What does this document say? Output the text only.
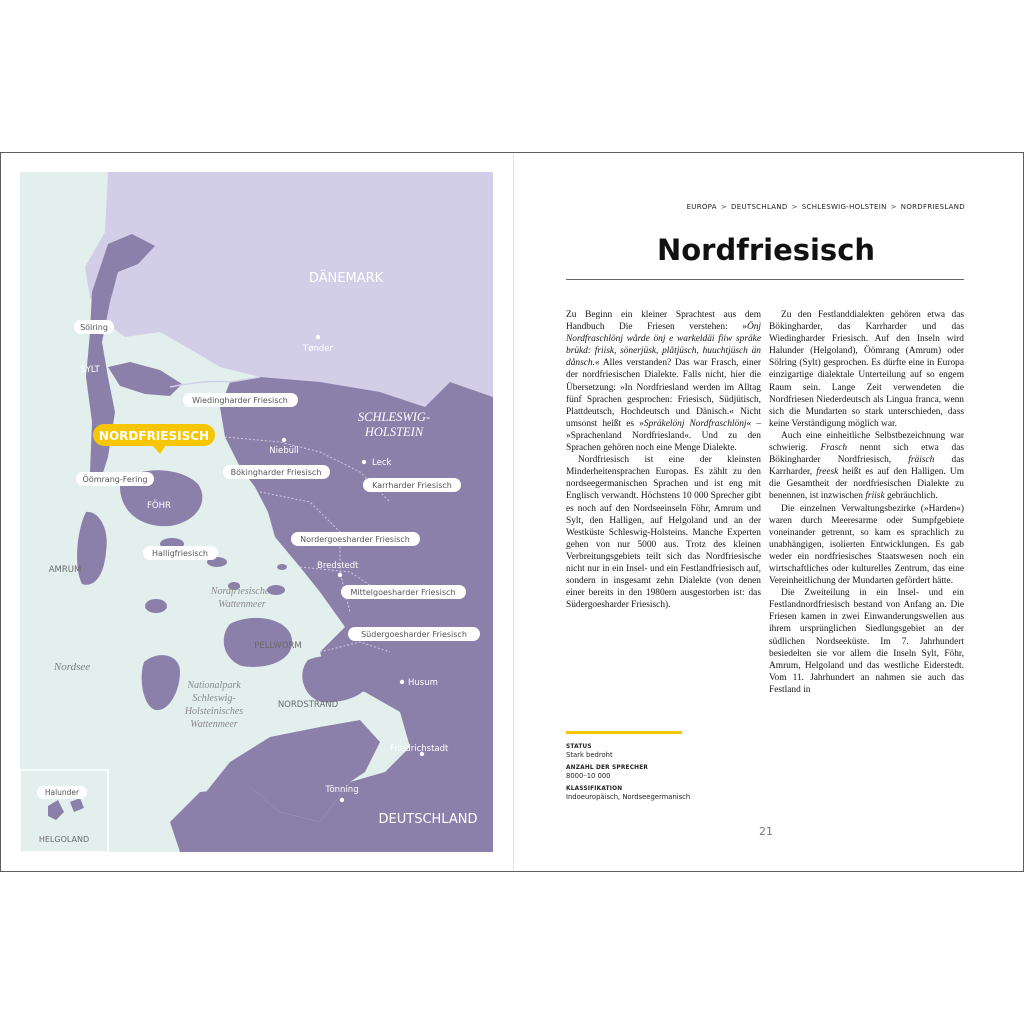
DÄNEMARK
DEUTSCHLAND
SCHLESWIG-
HOLSTEIN
SYLT
FÖHR
AMRUM
PELLWORM
NORDSTRAND
HELGOLAND
Nordsee
Nordfriesisches
Wattenmeer
Nationalpark
Schleswig-
Holsteinisches
Wattenmeer
Tønder
Niebüll
Leck
Bredstedt
Husum
Friedrichstadt
Tönning
Sölring
Wiedingharder Friesisch
Bökingharder Friesisch
Karrharder Friesisch
Öömrang-Fering
Halligfriesisch
Nordergoesharder Friesisch
Mittelgoesharder Friesisch
Südergoesharder Friesisch
Halunder
NORDFRIESISCH
EUROPA > DEUTSCHLAND > SCHLESWIG-HOLSTEIN > NORDFRIESLAND
Nordfriesisch

Zu Beginn ein kleiner Sprachtest aus dem Handbuch Die Friesen verstehen: »Önj Nordfraschlönj wårde önj e warkeldäi fiiw spräke brükd: friisk, sönerjüsk, plåtjüsch, huuchtjüsch än dånsch.« Alles verstanden? Das war Frasch, einer der nordfriesischen Dialekte. Falls nicht, hier die Übersetzung: »In Nordfriesland werden im Alltag fünf Sprachen gesprochen: Friesisch, Südjütisch, Plattdeutsch, Hochdeutsch und Dänisch.« Nicht umsonst heißt es »Spräkelönj Nordfraschlönj« – »Sprachenland Nordfriesland«. Und zu den Sprachen gehören noch eine Menge Dialekte.

Nordfriesisch ist eine der kleinsten Minderheitensprachen Europas. Es zählt zu den nordseegermanischen Sprachen und ist eng mit Englisch verwandt. Höchstens 10 000 Sprecher gibt es noch auf den Nordseeinseln Föhr, Amrum und Sylt, den Halligen, auf Helgoland und an der Westküste Schleswig-Holsteins. Manche Experten gehen von nur 5000 aus. Trotz des kleinen Verbreitungsgebiets teilt sich das Nordfriesische nicht nur in ein Insel- und ein Festlandfriesisch auf, sondern in insgesamt zehn Dialekte (von denen einer bereits in den 1980ern ausgestorben ist: das Südergoesharder Friesisch).

Zu den Festlanddialekten gehören etwa das Bökingharder, das Karrharder und das Wiedingharder Friesisch. Auf den Inseln wird Halunder (Helgoland), Öömrang (Amrum) oder Sölring (Sylt) gesprochen. Es dürfte eine in Europa einzigartige dialektale Unterteilung auf so engem Raum sein. Lange Zeit verwendeten die Nordfriesen Niederdeutsch als Lingua franca, wenn sich die Mundarten so stark unterschieden, dass keine Verständigung möglich war.

Auch eine einheitliche Selbstbezeichnung war schwierig. Frasch nennt sich etwa das Bökingharder Nordfriesisch, fräisch das Karrharder, freesk heißt es auf den Halligen. Um die Gesamtheit der nordfriesischen Dialekte zu benennen, ist inzwischen friisk gebräuchlich.

Die einzelnen Verwaltungsbezirke (»Harden«) waren durch Meeresarme oder Sumpfgebiete voneinander getrennt, so kam es sprachlich zu unabhängigen, isolierten Entwicklungen. Es gab weder ein nordfriesisches Staatswesen noch ein wirtschaftliches oder kulturelles Zentrum, das eine Vereinheitlichung der Mundarten gefördert hätte.

Die Zweiteilung in ein Insel- und ein Festlandnordfriesisch bestand von Anfang an. Die Friesen kamen in zwei Einwanderungswellen aus ihrem ursprünglichen Siedlungsgebiet an der südlichen Nordseeküste. Im 7. Jahrhundert besiedelten sie vor allem die Inseln Sylt, Föhr, Amrum, Helgoland und das westliche Eiderstedt. Vom 11. Jahrhundert an nahmen sie auch das Festland in

STATUS

Stark bedroht

ANZAHL DER SPRECHER

8000–10 000

KLASSIFIKATION

Indoeuropäisch, Nordseegermanisch

21
